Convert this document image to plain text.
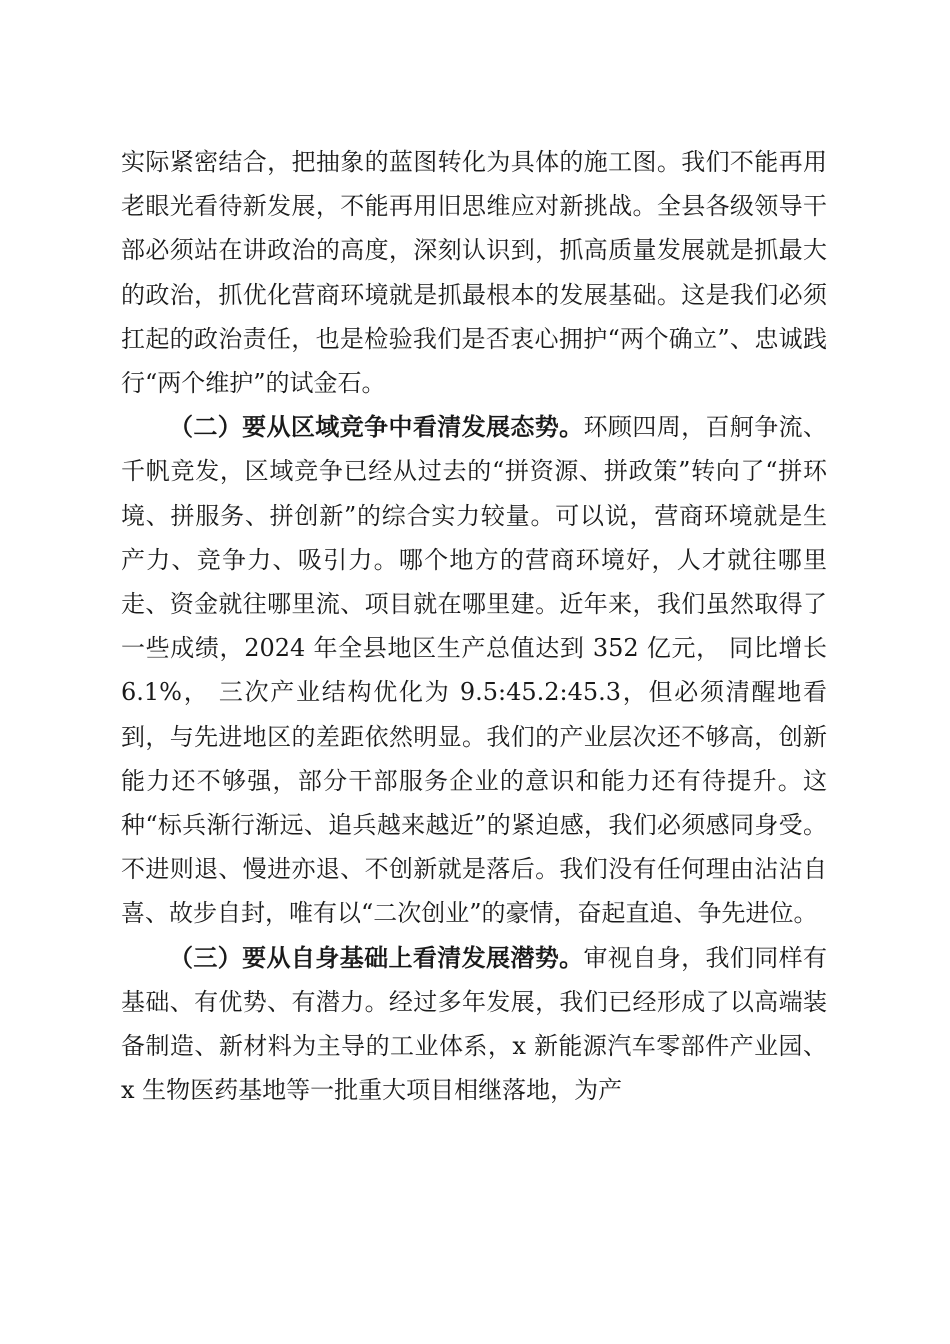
实际紧密结合，把抽象的蓝图转化为具体的施工图。我们不能再用老眼光看待新发展，不能再用旧思维应对新挑战。全县各级领导干部必须站在讲政治的高度，深刻认识到，抓高质量发展就是抓最大的政治，抓优化营商环境就是抓最根本的发展基础。这是我们必须扛起的政治责任，也是检验我们是否衷心拥护“两个确立”、忠诚践行“两个维护”的试金石。

（二）要从区域竞争中看清发展态势。环顾四周，百舸争流、千帆竞发，区域竞争已经从过去的“拼资源、拼政策”转向了“拼环境、拼服务、拼创新”的综合实力较量。可以说，营商环境就是生产力、竞争力、吸引力。哪个地方的营商环境好，人才就往哪里走、资金就往哪里流、项目就在哪里建。近年来，我们虽然取得了一些成绩，2024 年全县地区生产总值达到 352 亿元， 同比增长 6.1%， 三次产业结构优化为 9.5:45.2:45.3，但必须清醒地看到，与先进地区的差距依然明显。我们的产业层次还不够高，创新能力还不够强，部分干部服务企业的意识和能力还有待提升。这种“标兵渐行渐远、追兵越来越近”的紧迫感，我们必须感同身受。不进则退、慢进亦退、不创新就是落后。我们没有任何理由沾沾自喜、故步自封，唯有以“二次创业”的豪情，奋起直追、争先进位。

（三）要从自身基础上看清发展潜势。审视自身，我们同样有基础、有优势、有潜力。经过多年发展，我们已经形成了以高端装备制造、新材料为主导的工业体系，x 新能源汽车零部件产业园、x 生物医药基地等一批重大项目相继落地，为产
